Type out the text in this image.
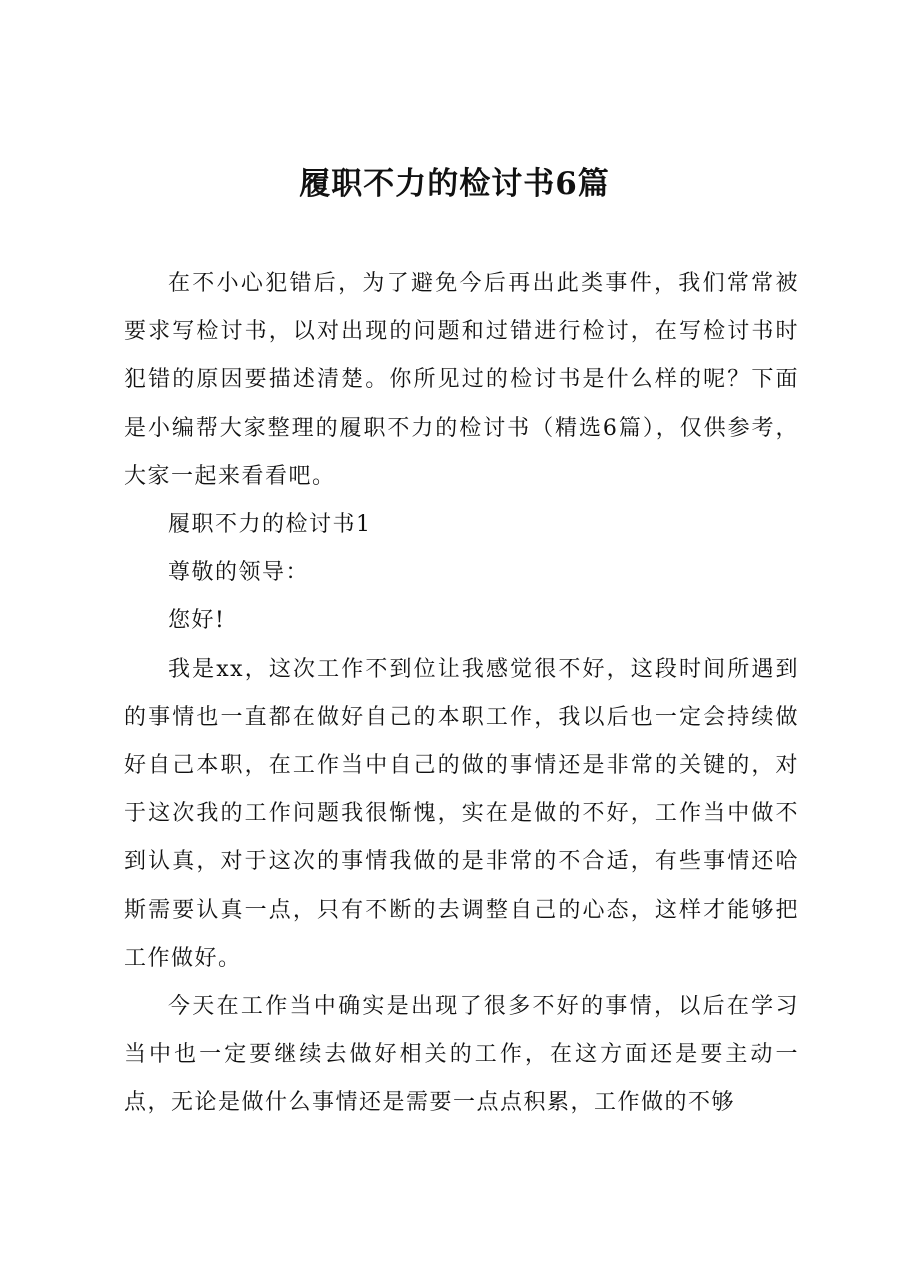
履职不力的检讨书6篇

在不小心犯错后，为了避免今后再出此类事件，我们常常被要求写检讨书，以对出现的问题和过错进行检讨，在写检讨书时犯错的原因要描述清楚。你所见过的检讨书是什么样的呢？下面是小编帮大家整理的履职不力的检讨书（精选6篇），仅供参考，大家一起来看看吧。

履职不力的检讨书1

尊敬的领导：

您好!

我是xx，这次工作不到位让我感觉很不好，这段时间所遇到的事情也一直都在做好自己的本职工作，我以后也一定会持续做好自己本职，在工作当中自己的做的事情还是非常的关键的，对于这次我的工作问题我很惭愧，实在是做的不好，工作当中做不到认真，对于这次的事情我做的是非常的不合适，有些事情还哈斯需要认真一点，只有不断的去调整自己的心态，这样才能够把工作做好。

今天在工作当中确实是出现了很多不好的事情，以后在学习当中也一定要继续去做好相关的工作，在这方面还是要主动一点，无论是做什么事情还是需要一点点积累，工作做的不够
